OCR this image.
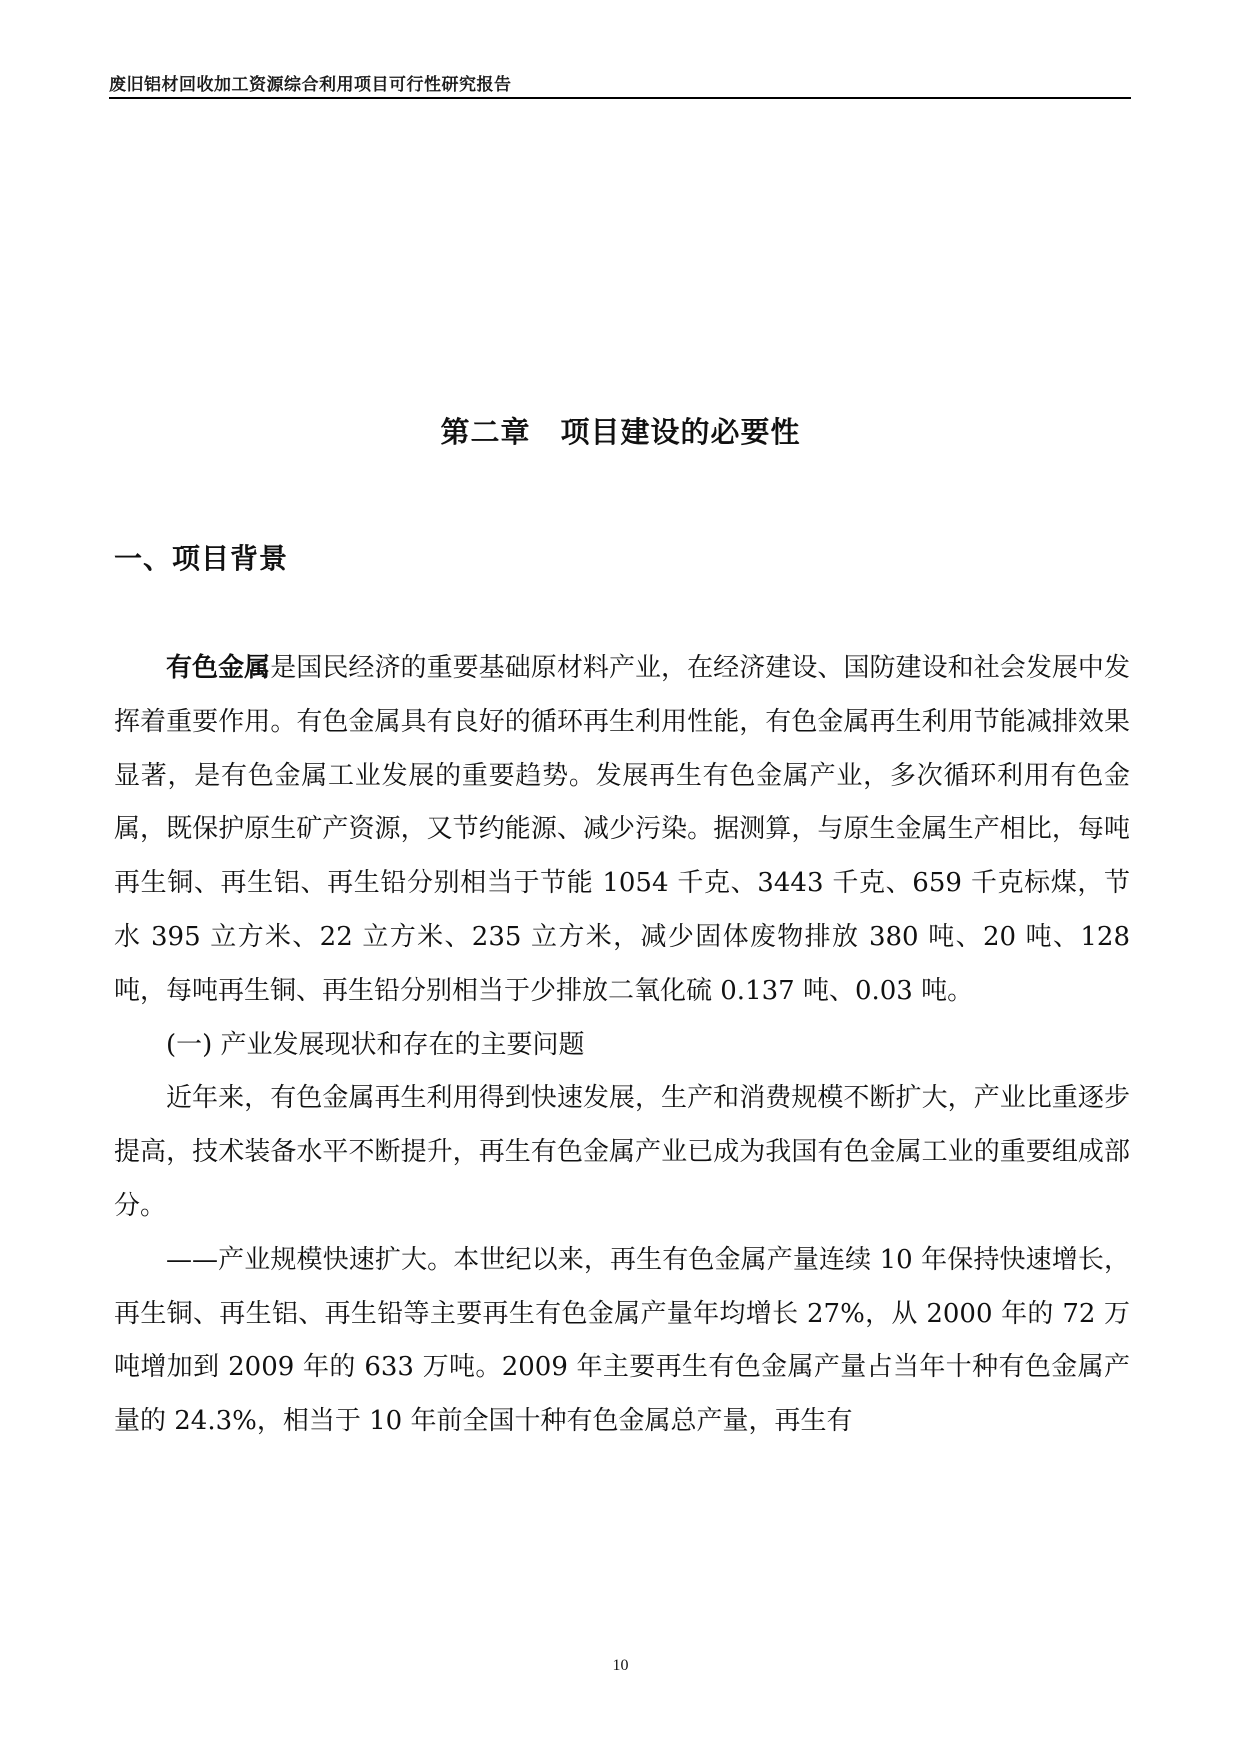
废旧铝材回收加工资源综合利用项目可行性研究报告
第二章　项目建设的必要性
一、项目背景

有色金属是国民经济的重要基础原材料产业，在经济建设、国防建设和社会发展中发挥着重要作用。有色金属具有良好的循环再生利用性能，有色金属再生利用节能减排效果显著，是有色金属工业发展的重要趋势。发展再生有色金属产业，多次循环利用有色金属，既保护原生矿产资源，又节约能源、减少污染。据测算，与原生金属生产相比，每吨再生铜、再生铝、再生铅分别相当于节能 1054 千克、3443 千克、659 千克标煤，节水 395 立方米、22 立方米、235 立方米，减少固体废物排放 380 吨、20 吨、128 吨，每吨再生铜、再生铅分别相当于少排放二氧化硫 0.137 吨、0.03 吨。

(一) 产业发展现状和存在的主要问题

近年来，有色金属再生利用得到快速发展，生产和消费规模不断扩大，产业比重逐步提高，技术装备水平不断提升，再生有色金属产业已成为我国有色金属工业的重要组成部分。

——产业规模快速扩大。本世纪以来，再生有色金属产量连续 10 年保持快速增长，再生铜、再生铝、再生铅等主要再生有色金属产量年均增长 27%，从 2000 年的 72 万吨增加到 2009 年的 633 万吨。2009 年主要再生有色金属产量占当年十种有色金属产量的 24.3%，相当于 10 年前全国十种有色金属总产量，再生有

10
